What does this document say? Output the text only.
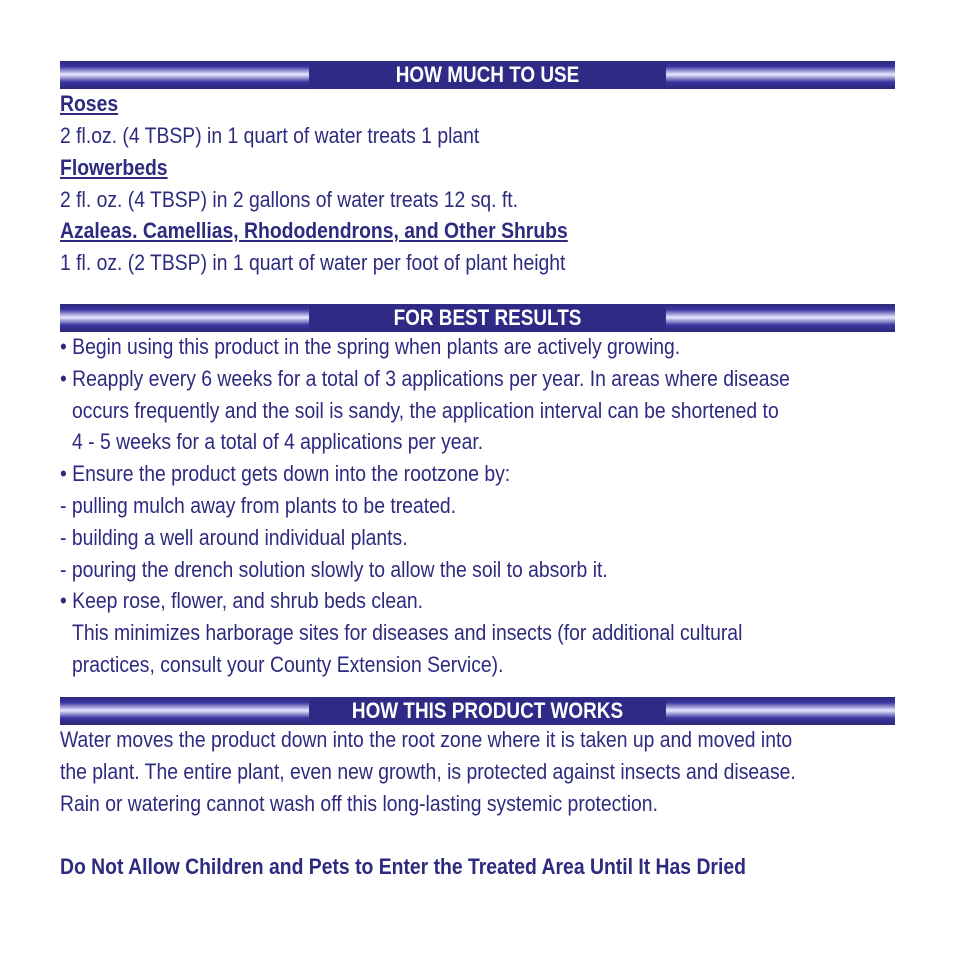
HOW MUCH TO USE
Roses
2 fl.oz. (4 TBSP) in 1 quart of water treats 1 plant
Flowerbeds
2 fl. oz. (4 TBSP) in 2 gallons of water treats 12 sq. ft.
Azaleas. Camellias, Rhododendrons, and Other Shrubs
1 fl. oz. (2 TBSP) in 1 quart of water per foot of plant height
FOR BEST RESULTS
• Begin using this product in the spring when plants are actively growing.
• Reapply every 6 weeks for a total of 3 applications per year. In areas where disease
occurs frequently and the soil is sandy, the application interval can be shortened to
4 - 5 weeks for a total of 4 applications per year.
• Ensure the product gets down into the rootzone by:
- pulling mulch away from plants to be treated.
- building a well around individual plants.
- pouring the drench solution slowly to allow the soil to absorb it.
• Keep rose, flower, and shrub beds clean.
This minimizes harborage sites for diseases and insects (for additional cultural
practices, consult your County Extension Service).
HOW THIS PRODUCT WORKS
Water moves the product down into the root zone where it is taken up and moved into
the plant. The entire plant, even new growth, is protected against insects and disease.
Rain or watering cannot wash off this long-lasting systemic protection.
Do Not Allow Children and Pets to Enter the Treated Area Until It Has Dried
